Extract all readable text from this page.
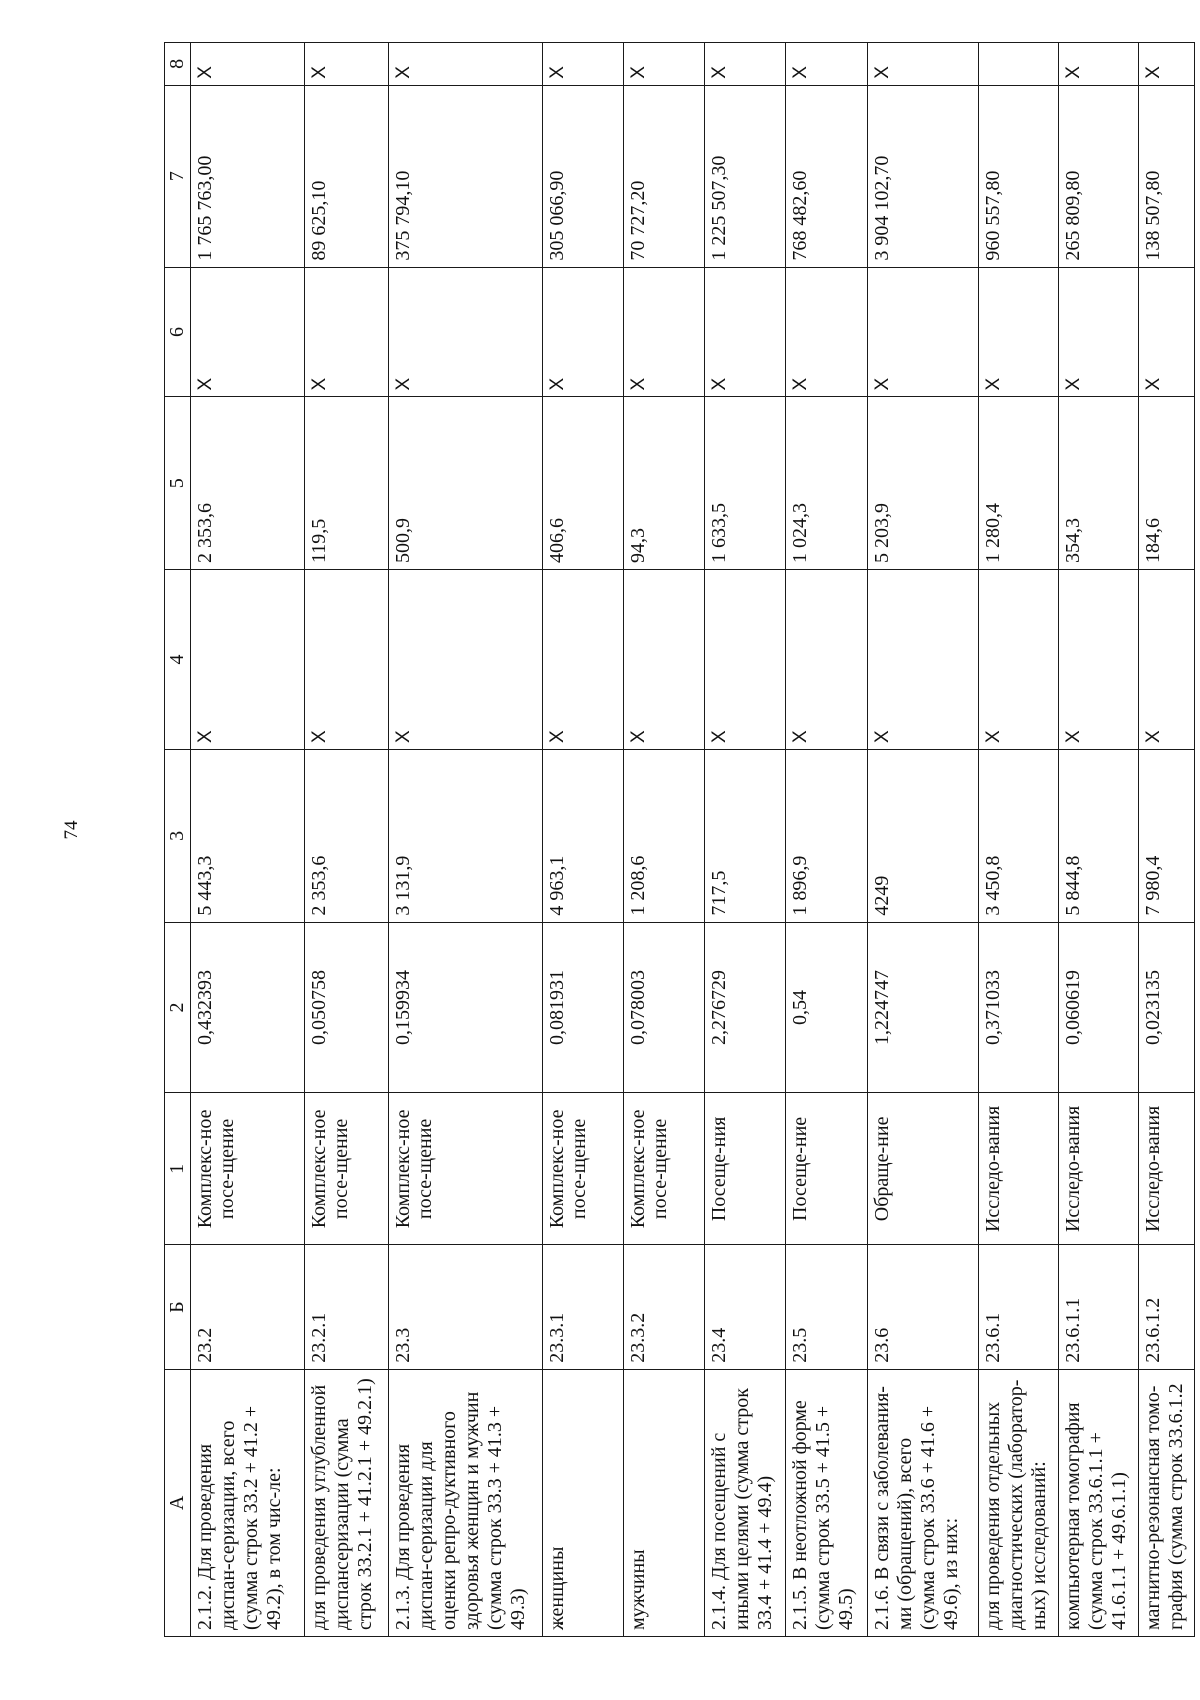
74
А	Б	1	2	3	4	5	6	7	8
2.1.2. Для проведения диспан-серизации, всего (сумма строк 33.2 + 41.2 + 49.2), в том чис-ле:	23.2	Комплекс-ное посе-щение	0,432393	5 443,3	X	2 353,6	X	1 765 763,00	X
для проведения углубленной диспансеризации (сумма строк 33.2.1 + 41.2.1 + 49.2.1)	23.2.1	Комплекс-ное посе-щение	0,050758	2 353,6	X	119,5	X	89 625,10	X
2.1.3. Для проведения диспан-серизации для оценки репро-дуктивного здоровья женщин и мужчин (сумма строк 33.3 + 41.3 + 49.3)	23.3	Комплекс-ное посе-щение	0,159934	3 131,9	X	500,9	X	375 794,10	X
женщины	23.3.1	Комплекс-ное посе-щение	0,081931	4 963,1	X	406,6	X	305 066,90	X
мужчины	23.3.2	Комплекс-ное посе-щение	0,078003	1 208,6	X	94,3	X	70 727,20	X
2.1.4. Для посещений с иными целями (сумма строк 33.4 + 41.4 + 49.4)	23.4	Посеще-ния	2,276729	717,5	X	1 633,5	X	1 225 507,30	X
2.1.5. В неотложной форме (сумма строк 33.5 + 41.5 + 49.5)	23.5	Посеще-ние	0,54	1 896,9	X	1 024,3	X	768 482,60	X
2.1.6. В связи с заболевания-ми (обращений), всего (сумма строк 33.6 + 41.6 + 49.6), из них:	23.6	Обраще-ние	1,224747	4249	X	5 203,9	X	3 904 102,70	X
для проведения отдельных диагностических (лаборатор-ных) исследований:	23.6.1	Исследо-вания	0,371033	3 450,8	X	1 280,4	X	960 557,80	
компьютерная томография (сумма строк 33.6.1.1 + 41.6.1.1 + 49.6.1.1)	23.6.1.1	Исследо-вания	0,060619	5 844,8	X	354,3	X	265 809,80	X
магнитно-резонансная томо-графия (сумма строк 33.6.1.2	23.6.1.2	Исследо-вания	0,023135	7 980,4	X	184,6	X	138 507,80	X
